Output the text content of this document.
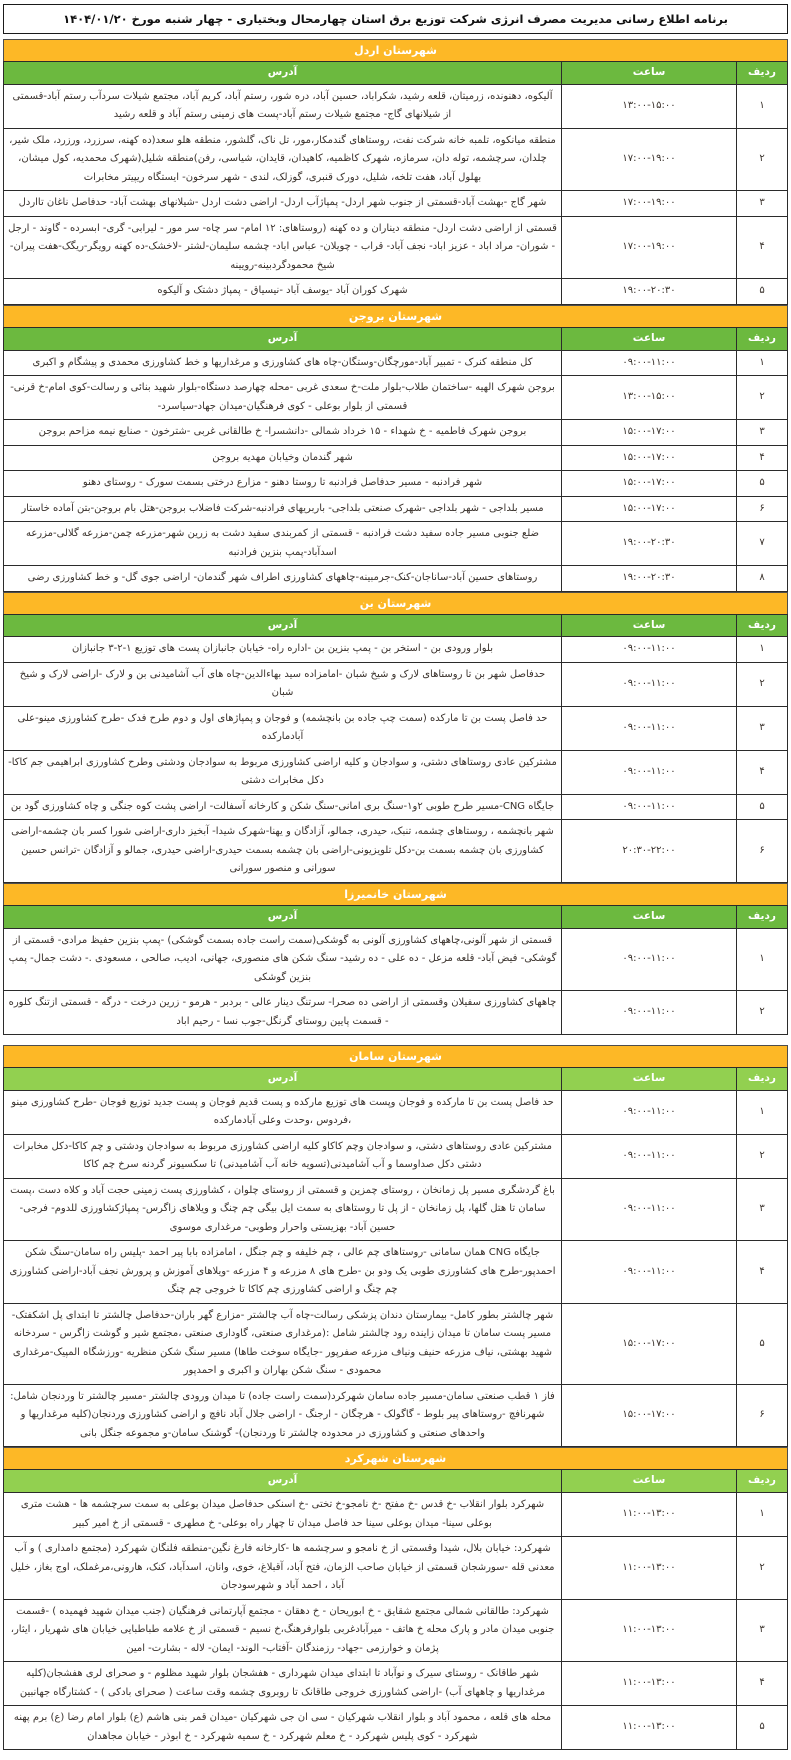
برنامه اطلاع رسانی مدیریت مصرف انرژی شرکت توزیع برق استان چهارمحال وبختیاری - چهار شنبه مورخ ۱۴۰۴/۰۱/۲۰
شهرستان اردل
ردیف	ساعت	آدرس
۱	۱۳:۰۰-۱۵:۰۰	آلیکوه، دهنونده، زرمیتان، قلعه رشید، شکراباد، حسین آباد، دره شور، رستم آباد، کریم آباد، مجتمع شیلات سردآب رستم آباد-قسمتی از شیلانهای گاج- مجتمع شیلات رستم آباد-پست های زمینی رستم آباد و قلعه رشید
۲	۱۷:۰۰-۱۹:۰۰	منطقه میانکوه، تلمبه خانه شرکت نفت، روستاهای گندمکار،مور، تل ناک، گلشور، منطقه هلو سعد(ده کهنه، سرزرد، ورزرد، ملک شیر، چلدان، سرچشمه، توله دان، سرمازه، شهرک کاظمیه، کاهیدان، قایدان، شیاسی، رفن)منطقه شلیل(شهرک محمدیه، کول میشان، بهلول آباد، هفت تلخه، شلیل، دورک قنبری، گوزلک، لندی - شهر سرخون- ایستگاه ریپیتر مخابرات
۳	۱۷:۰۰-۱۹:۰۰	شهر گاج -بهشت آباد-قسمتی از جنوب شهر اردل- پمپاژآب اردل- اراضی دشت اردل -شیلانهای بهشت آباد- حدفاصل ناغان تااردل
۴	۱۷:۰۰-۱۹:۰۰	قسمتی از اراضی دشت اردل- منطقه دیناران و ده کهنه (روستاهای: ۱۲ امام- سر چاه- سر مور - لیرابی- گری- ابسرده - گاوند - ارجل - شوران- مراد اباد - عزیز اباد- نجف آباد- قراب - چویلان- عباس اباد- چشمه سلیمان-لشتر -لاخشک-ده کهنه رویگر-ریگک-هفت پیران-شیخ محمودگردبینه-رویینه
۵	۱۹:۰۰-۲۰:۳۰	شهرک کوران آباد -یوسف آباد -نیسیاق - پمپاژ دشتک و آلیکوه
شهرستان بروجن
ردیف	ساعت	آدرس
۱	۰۹:۰۰-۱۱:۰۰	کل منطقه کنرک - تمبیر آباد-مورچگان-وستگان-چاه های کشاورزی و مرغداریها و خط کشاورزی محمدی و پیشگام و اکبری
۲	۱۳:۰۰-۱۵:۰۰	بروجن شهرک الهیه -ساختمان طلاب-بلوار ملت-خ سعدی غربی -محله چهارصد دستگاه-بلوار شهید بنائی و رسالت-کوی امام-خ قرنی-قسمتی از بلوار بوعلی - کوی فرهنگیان-میدان جهاد-سیاسرد-
۳	۱۵:۰۰-۱۷:۰۰	بروجن شهرک فاطمیه - خ شهداء - ۱۵ خرداد شمالی -دانشسرا- خ طالقانی غربی -شترخون - صنایع نیمه مزاحم بروجن
۴	۱۵:۰۰-۱۷:۰۰	شهر گندمان وخیابان مهدیه بروجن
۵	۱۵:۰۰-۱۷:۰۰	شهر فرادنبه - مسیر حدفاصل فرادنبه تا روستا دهنو - مزارع درختی بسمت سورک - روستای دهنو
۶	۱۵:۰۰-۱۷:۰۰	مسیر بلداجی - شهر بلداجی -شهرک صنعتی بلداجی- باربریهای فرادنبه-شرکت فاضلاب بروجن-هتل بام بروجن-بتن آماده خاستار
۷	۱۹:۰۰-۲۰:۳۰	ضلع جنوبی مسیر جاده سفید دشت فرادنبه - قسمتی از کمربندی سفید دشت به زرین شهر-مزرعه چمن-مزرعه گلالی-مزرعه اسدآباد-پمپ بنزین فرادنبه
۸	۱۹:۰۰-۲۰:۳۰	روستاهای حسین آباد-ساناجان-کنک-جرمبینه-چاههای کشاورزی اطراف شهر گندمان- اراضی جوی گل- و خط کشاورزی رضی
شهرستان بن
ردیف	ساعت	آدرس
۱	۰۹:۰۰-۱۱:۰۰	بلوار ورودی بن - استخر بن - پمپ بنزین بن -اداره راه- خیابان جانبازان پست های توزیع ۱-۲-۳ جانبازان
۲	۰۹:۰۰-۱۱:۰۰	حدفاصل شهر بن تا روستاهای لارک و شیخ شبان -امامزاده سید بهاءالدین-چاه های آب آشامیدنی بن و لارک -اراضی لارک و شیخ شبان
۳	۰۹:۰۰-۱۱:۰۰	حد فاصل پست بن تا مارکده (سمت چپ جاده بن بانچشمه) و فوجان و پمپاژهای اول و دوم طرح فدک -طرح کشاورزی مینو-علی آبادمارکده
۴	۰۹:۰۰-۱۱:۰۰	مشترکین عادی روستاهای دشتی، و سوادجان و کلیه اراضی کشاورزی مربوط به سوادجان ودشتی وطرح کشاورزی ابراهیمی جم کاکا-دکل مخابرات دشتی
۵	۰۹:۰۰-۱۱:۰۰	جایگاه CNG-مسیر طرح طوبی ۲و۱-سنگ بری امانی-سنگ شکن و کارخانه آسفالت- اراضی پشت کوه جنگی و چاه کشاورزی گود بن
۶	۲۰:۳۰-۲۲:۰۰	شهر بانچشمه ، روستاهای چشمه، تنبک، حیدری، جمالو، آزادگان و یهنا-شهرک شیدا- آبخیز داری-اراضی شورا کسر بان چشمه-اراضی کشاورزی بان چشمه بسمت بن-دکل تلویزیونی-اراضی بان چشمه بسمت حیدری-اراضی حیدری، جمالو و آزادگان -ترانس حسین سورانی و منصور سورانی
شهرستان خانمیرزا
ردیف	ساعت	آدرس
۱	۰۹:۰۰-۱۱:۰۰	قسمتی از شهر آلونی،چاههای کشاورزی آلونی به گوشکی(سمت راست جاده بسمت گوشکی) -پمپ بنزین حفیظ مرادی- قسمتی از گوشکی- فیض آباد- قلعه مزعل - ده علی - ده رشید- سنگ شکن های منصوری، جهانی، ادیب، صالحی ، مسعودی .- دشت جمال- پمپ بنزین گوشکی
۲	۰۹:۰۰-۱۱:۰۰	چاههای کشاورزی سفیلان وقسمتی از اراضی ده صحرا- سرتنگ دینار عالی - بردبر - هرمو - زرین درخت - درگه - قسمتی ازتنگ کلوره - قسمت پایین روستای گرنگل-جوب نسا - رحیم اباد
شهرستان سامان
ردیف	ساعت	آدرس
۱	۰۹:۰۰-۱۱:۰۰	حد فاصل پست بن تا مارکده و فوجان وپست های توزیع مارکده و پست قدیم فوجان و پست جدید توزیع فوجان -طرح کشاورزی مینو ،فردوس ،وحدت وعلی آبادمارکده
۲	۰۹:۰۰-۱۱:۰۰	مشترکین عادی روستاهای دشتی، و سوادجان وچم کاکاو کلیه اراضی کشاورزی مربوط به سوادجان ودشتی و چم کاکا-دکل مخابرات دشتی دکل صداوسما و آب آشامیدنی(تسویه خانه آب آشامیدنی) تا سکسیونر گردنه سرخ چم کاکا
۳	۰۹:۰۰-۱۱:۰۰	باغ گردشگری مسیر پل زمانخان ، روستای چمزین و قسمتی از روستای چلوان ، کشاورزی پست زمینی حجت آباد و کلاه دست ،پست سامان تا هتل گلها، پل زمانخان - از پل تا روستاهای به سمت ایل بیگی چم چنگ و ویلاهای زاگرس- پمپاژکشاورزی للدوم- فرجی-حسین آباد- بهزیستی واحرار وطوبی- مرغداری موسوی
۴	۰۹:۰۰-۱۱:۰۰	جایگاه CNG همان سامانی -روستاهای چم عالی ، چم خلیفه و چم جنگل ، امامزاده بابا پیر احمد -پلیس راه سامان-سنگ شکن احمدپور-طرح های کشاورزی طوبی یک ودو بن -طرح های ۸ مزرعه و ۴ مزرعه -ویلاهای آموزش و پرورش نجف آباد-اراضی کشاورزی چم چنگ و اراضی کشاورزی چم کاکا تا خروجی چم چنگ
۵	۱۵:۰۰-۱۷:۰۰	شهر چالشتر بطور کامل- بیمارستان دندان پزشکی رسالت-چاه آب چالشتر -مزارع گهر باران-حدفاصل چالشتر تا ابتدای پل اشکفتک- مسیر پست سامان تا میدان زاینده رود چالشتر شامل :(مرغداری صنعتی، گاوداری صنعتی ،مجتمع شیر و گوشت زاگرس - سردخانه شهید بهشتی، نیاف مزرعه حنیف ونیاف مزرعه صفرپور -جایگاه سوخت طاها) مسیر سنگ شکن منظریه -ورزشگاه المپیک-مرغداری محمودی - سنگ شکن بهاران و اکبری و احمدپور
۶	۱۵:۰۰-۱۷:۰۰	فاز ۱ قطب صنعتی سامان-مسیر جاده سامان شهرکرد(سمت راست جاده) تا میدان ورودی چالشتر -مسیر چالشتر تا وردنجان شامل: شهرنافچ -روستاهای پیر بلوط - گاگولک - هرچگان - ارجنگ - اراضی جلال آباد نافچ و اراضی کشاورزی وردنجان(کلیه مرغداریها و واحدهای صنعتی و کشاورزی در محدوده چالشتر تا وردنجان)- گوشنک سامان-و مجموعه جنگل بانی
شهرستان شهرکرد
ردیف	ساعت	آدرس
۱	۱۱:۰۰-۱۳:۰۰	شهرکرد بلوار انقلاب -خ قدس -خ مفتح -خ نامجو-خ تختی -خ اسنکی حدفاصل میدان بوعلی به سمت سرچشمه ها - هشت متری بوعلی سینا- میدان بوعلی سینا حد فاصل میدان تا چهار راه بوعلی- خ مطهری - قسمتی از خ امیر کبیر
۲	۱۱:۰۰-۱۳:۰۰	شهرکرد: خیابان بلال، شیدا وقسمتی از خ نامجو و سرچشمه ها -کارخانه فارغ نگین-منطقه فلنگان شهرکرد (مجتمع دامداری ) و آب معدنی قله -سورشجان قسمتی از خیابان صاحب الزمان، فتح آباد، آقبلاغ، خوی، وانان، اسدآباد، کنک، هارونی،مرغملک، اوج بغاز، خلیل آباد ، احمد آباد و شهرسودجان
۳	۱۱:۰۰-۱۳:۰۰	شهرکرد: طالقانی شمالی مجتمع شقایق - خ ابوریحان - خ دهقان - مجتمع آپارتمانی فرهنگیان (جنب میدان شهید فهمیده ) -قسمت جنوبی میدان مادر و پارک محله خ هاتف - میرآبادغربی بلوارفرهنگ،خ نسیم - قسمتی از خ علامه طباطبایی خیابان های شهریار ، ایثار، پژمان و خوارزمی -جهاد- رزمندگان -آفتاب- الوند- ایمان- لاله - بشارت- امین
۴	۱۱:۰۰-۱۳:۰۰	شهر طاقانک - روستای سیرک و نوآباد تا ابتدای میدان شهرداری - هفشجان بلوار شهید مظلوم - و صحرای لری هفشجان(کلیه مرغداریها و چاههای آب) -اراضی کشاورزی خروجی طاقانک تا روبروی چشمه وقت ساعت ( صحرای بادکی ) - کشتارگاه جهانبین
۵	۱۱:۰۰-۱۳:۰۰	محله های قلعه ، محمود آباد و بلوار انقلاب شهرکیان - سی ان جی شهرکیان -میدان قمر بنی هاشم (ع) بلوار امام رضا (ع) برم پهنه شهرکرد - کوی پلیس شهرکرد - خ معلم شهرکرد - خ سمیه شهرکرد - خ ابوذر - خیابان مجاهدان
